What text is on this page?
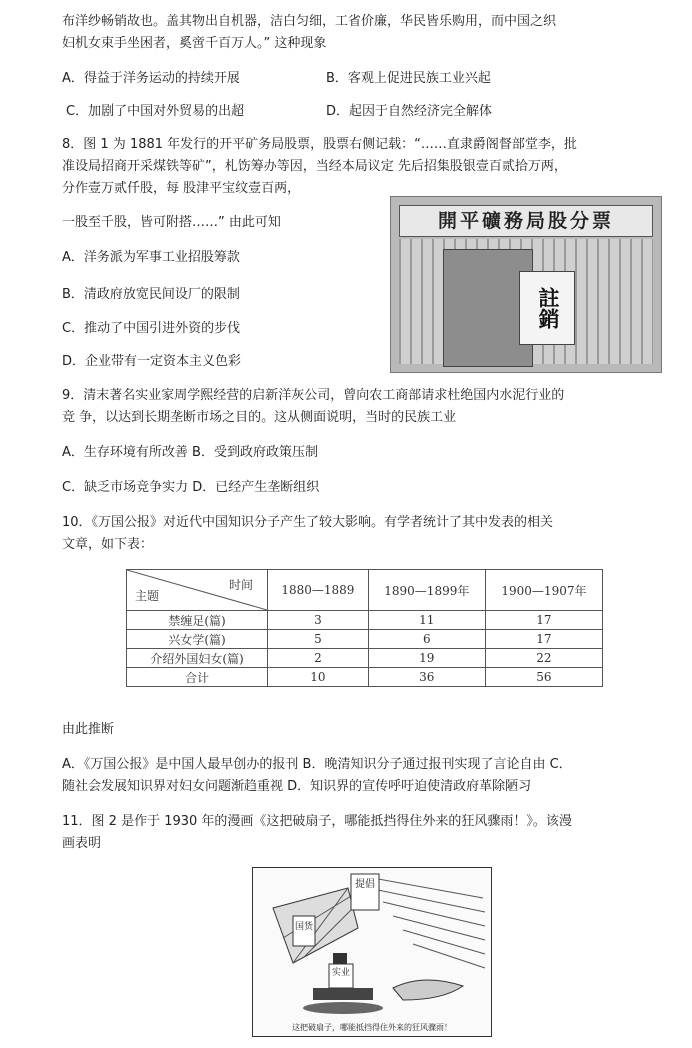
布洋纱畅销故也。盖其物出自机器，洁白匀细，工省价廉，华民皆乐购用，而中国之织
妇机女束手坐困者，奚啻千百万人。” 这种现象
A．得益于洋务运动的持续开展	B．客观上促进民族工业兴起
C．加剧了中国对外贸易的出超	D．起因于自然经济完全解体
8．图 1 为 1881 年发行的开平矿务局股票，股票右侧记载：“……直隶爵阁督部堂李，批
准设局招商开采煤铁等矿”，札饬筹办等因，当经本局议定 先后招集股银壹百贰拾万两，
分作壹万贰仟股，每 股津平宝纹壹百两，
一股至千股，皆可附搭……” 由此可知
A．洋务派为军事工业招股筹款
B．清政府放宽民间设厂的限制
C．推动了中国引进外资的步伐
D．企业带有一定资本主义色彩
開平礦務局股分票
註銷
9．清末著名实业家周学熙经营的启新洋灰公司，曾向农工商部请求杜绝国内水泥行业的
竞 争，以达到长期垄断市场之目的。这从侧面说明，当时的民族工业
A．生存环境有所改善 B．受到政府政策压制
C．缺乏市场竞争实力 D．已经产生垄断组织
10．《万国公报》对近代中国知识分子产生了较大影响。有学者统计了其中发表的相关
文章，如下表：
时间
主题	1880—1889	1890—1899年	1900—1907年
禁缠足(篇)	3	11	17
兴女学(篇)	5	6	17
介绍外国妇女(篇)	2	19	22
合计	10	36	56
由此推断
A．《万国公报》是中国人最早创办的报刊 B．晚清知识分子通过报刊实现了言论自由 C．
随社会发展知识界对妇女问题渐趋重视 D．知识界的宣传呼吁迫使清政府革除陋习
11．图 2 是作于 1930 年的漫画《这把破扇子，哪能抵挡得住外来的狂风骤雨！》。该漫
画表明
提倡
国货
实业
这把破扇子，哪能抵挡得住外来的狂风骤雨！
